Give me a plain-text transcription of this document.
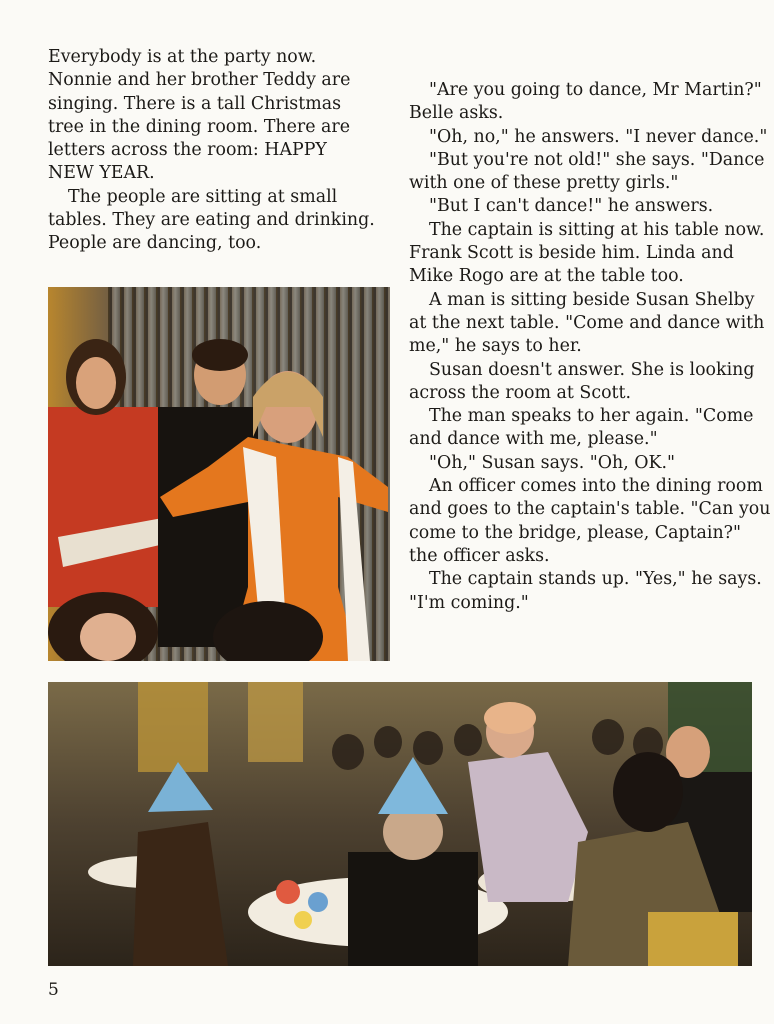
Everybody is at the party now. Nonnie and her brother Teddy are singing. There is a tall Christmas tree in the dining room. There are letters across the room: HAPPY NEW YEAR.

The people are sitting at small tables. They are eating and drinking. People are dancing, too.

"Are you going to dance, Mr Martin?" Belle asks.

"Oh, no," he answers. "I never dance."

"But you're not old!" she says. "Dance with one of these pretty girls."

"But I can't dance!" he answers.

The captain is sitting at his table now. Frank Scott is beside him. Linda and Mike Rogo are at the table too.

A man is sitting beside Susan Shelby at the next table. "Come and dance with me," he says to her.

Susan doesn't answer. She is looking across the room at Scott.

The man speaks to her again. "Come and dance with me, please."

"Oh," Susan says. "Oh, OK."

An officer comes into the dining room and goes to the captain's table. "Can you come to the bridge, please, Captain?" the officer asks.

The captain stands up. "Yes," he says. "I'm coming."

5
